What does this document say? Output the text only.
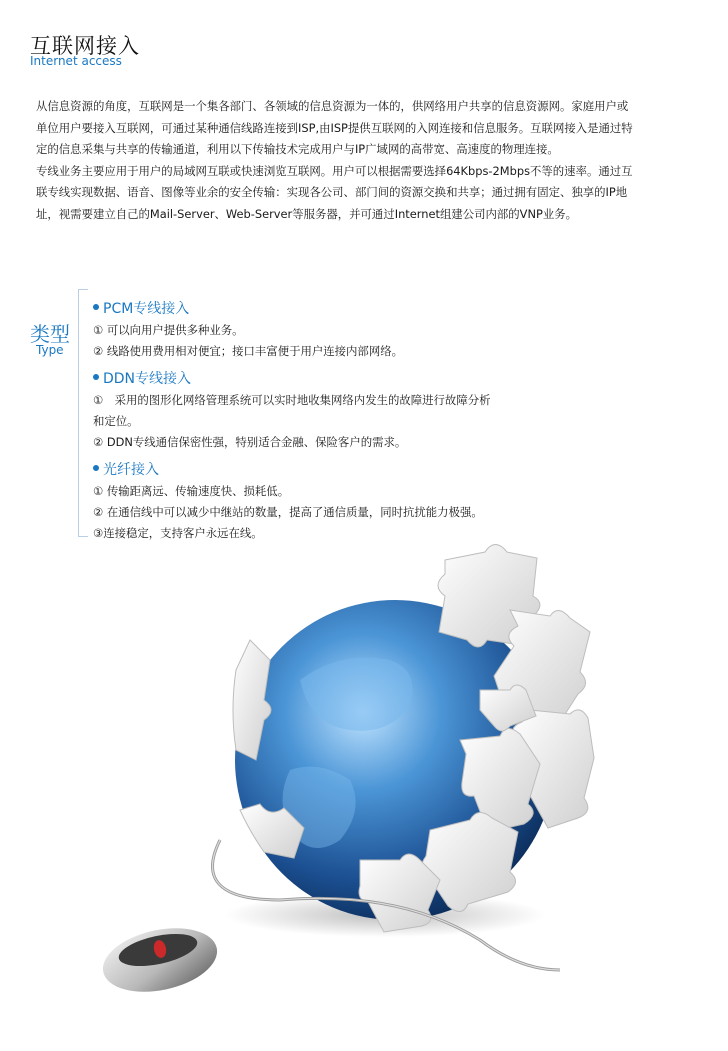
互联网接入
Internet access

从信息资源的角度，互联网是一个集各部门、各领域的信息资源为一体的，供网络用户共享的信息资源网。家庭用户或单位用户要接入互联网，可通过某种通信线路连接到ISP,由ISP提供互联网的入网连接和信息服务。互联网接入是通过特定的信息采集与共享的传输通道，利用以下传输技术完成用户与IP广域网的高带宽、高速度的物理连接。

专线业务主要应用于用户的局域网互联或快速浏览互联网。用户可以根据需要选择64Kbps-2Mbps不等的速率。通过互联专线实现数据、语音、图像等业余的安全传输：实现各公司、部门间的资源交换和共享；通过拥有固定、独享的IP地址，视需要建立自己的Mail-Server、Web-Server等服务器，并可通过Internet组建公司内部的VNP业务。

类型
Type
PCM专线接入
① 可以向用户提供多种业务。
② 线路使用费用相对便宜；接口丰富便于用户连接内部网络。
DDN专线接入
①　采用的图形化网络管理系统可以实时地收集网络内发生的故障进行故障分析
和定位。
② DDN专线通信保密性强，特别适合金融、保险客户的需求。
光纤接入
① 传输距离远、传输速度快、损耗低。
② 在通信线中可以减少中继站的数量，提高了通信质量，同时抗扰能力极强。
③连接稳定，支持客户永远在线。
